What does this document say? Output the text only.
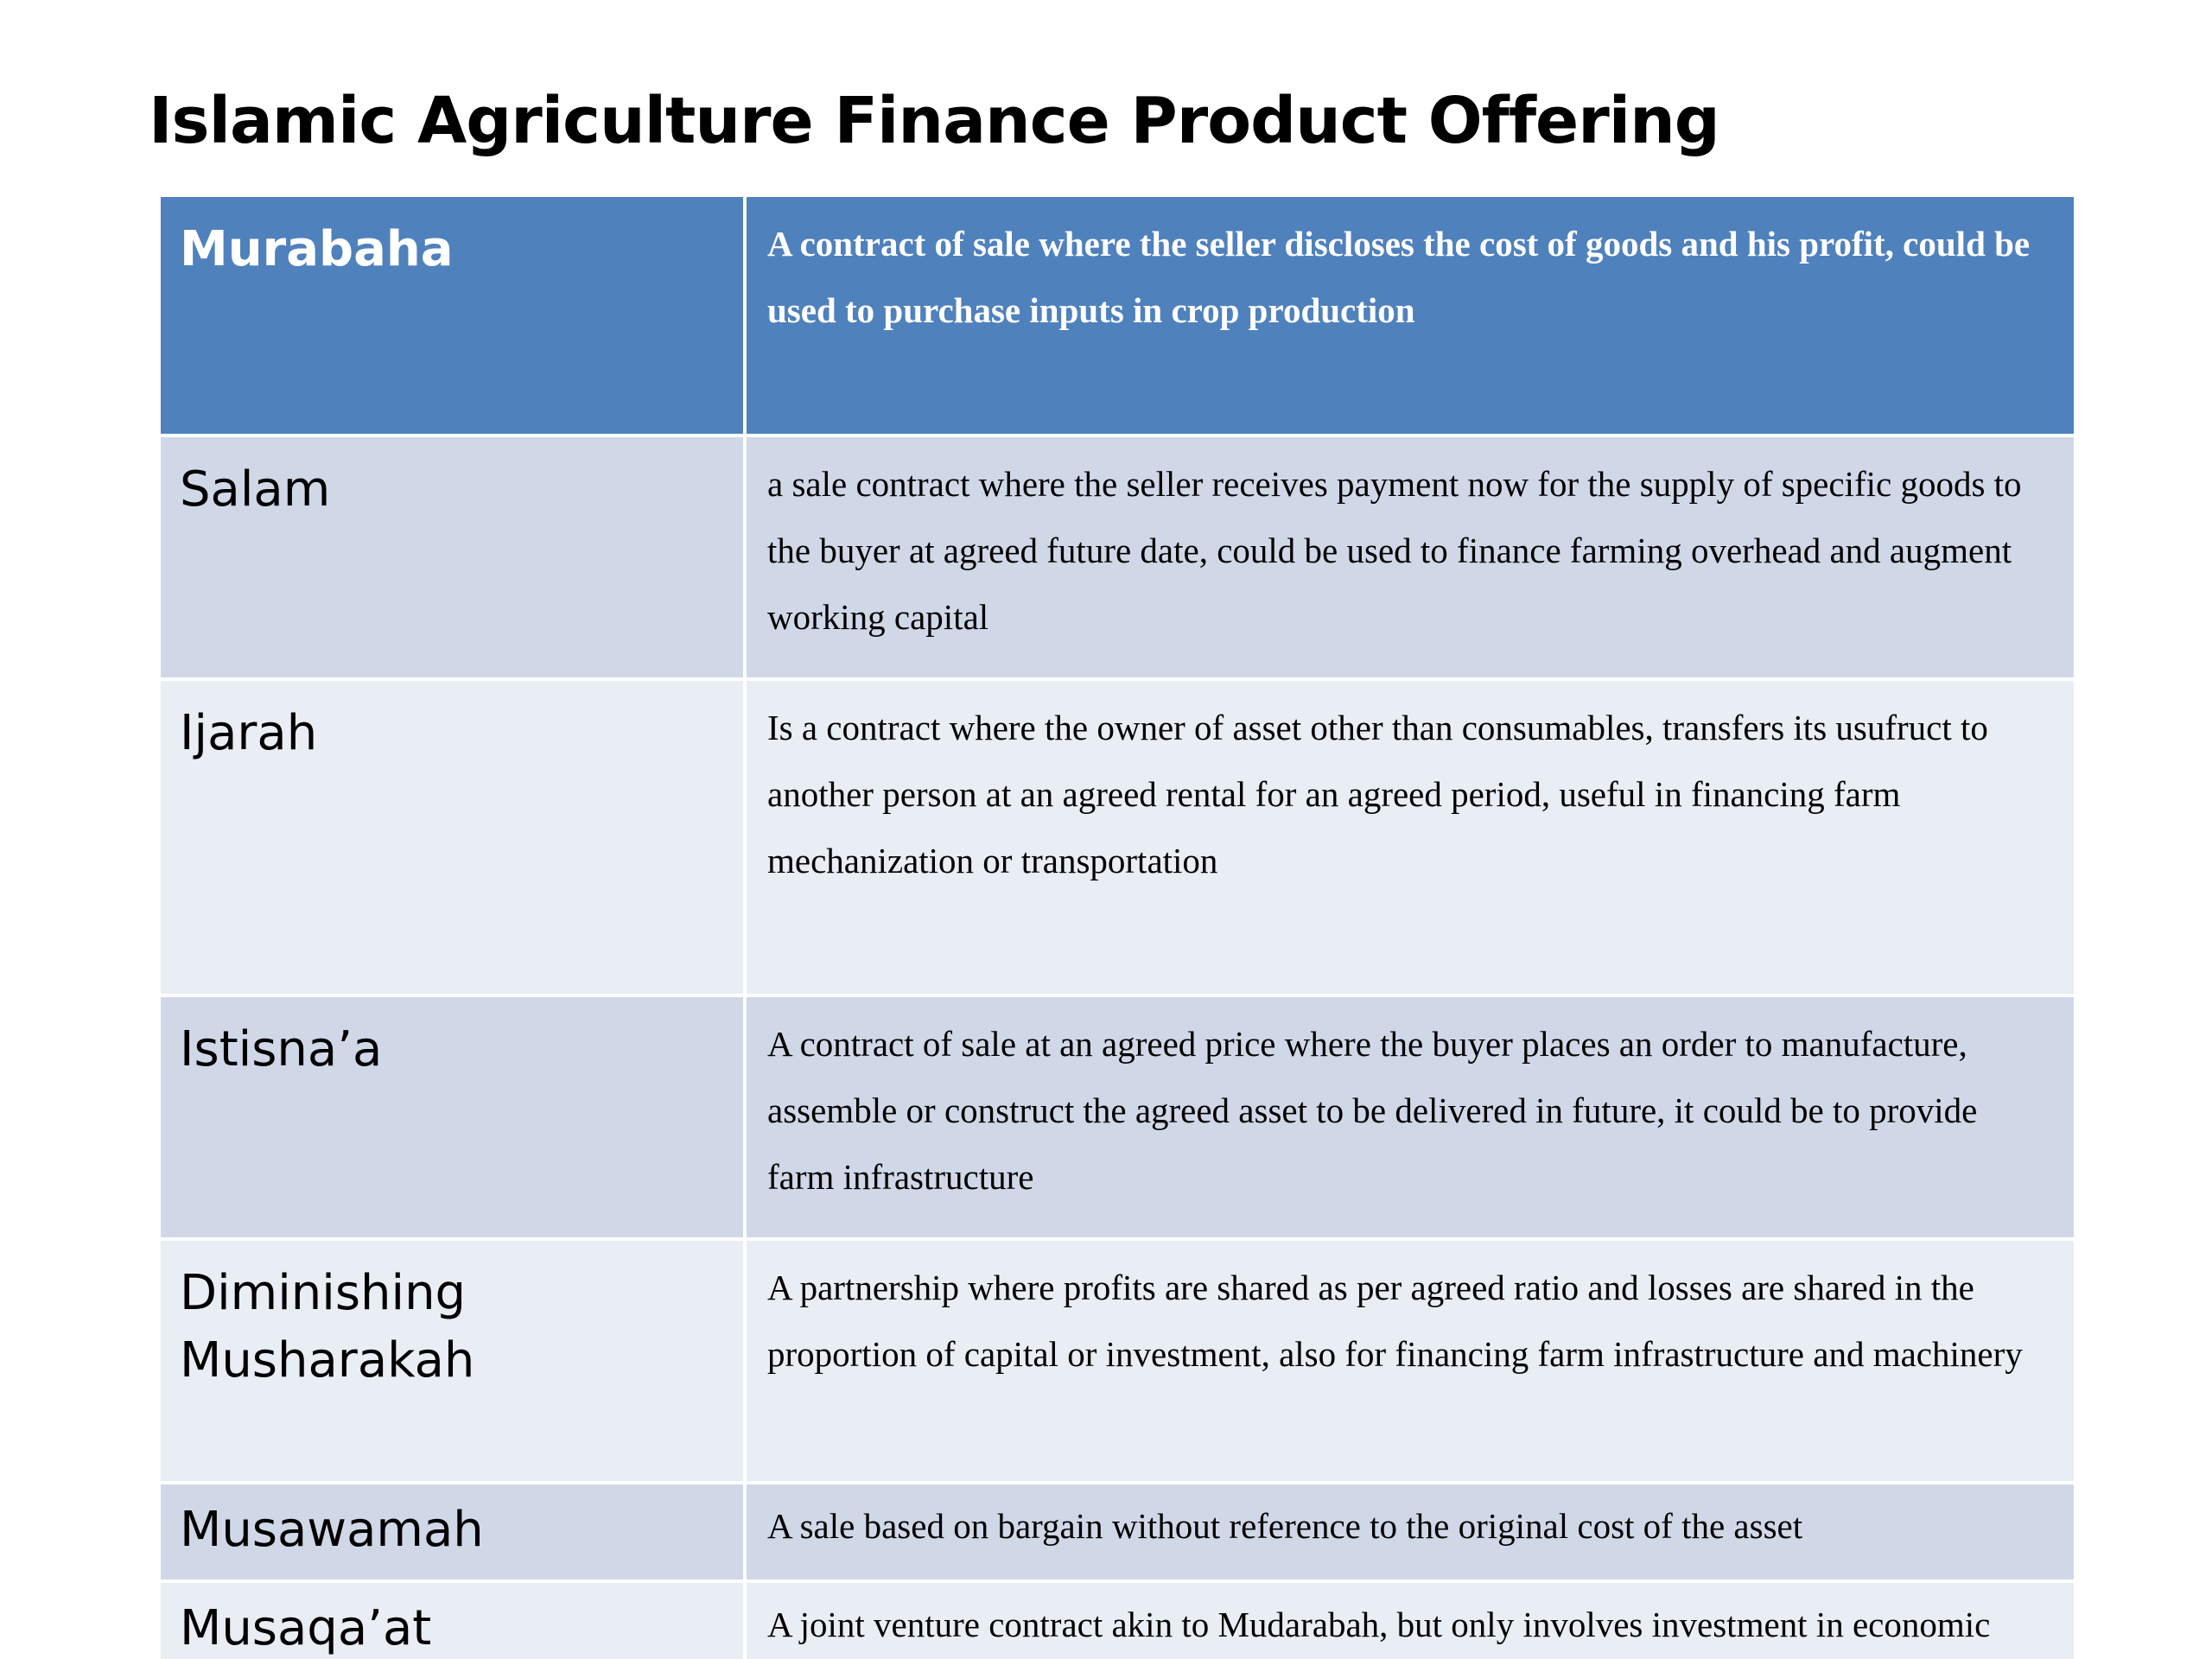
Islamic Agriculture Finance Product Offering
Murabaha	A contract of sale where the seller discloses the cost of goods and his profit, could be used to purchase inputs in crop production
Salam	a sale contract where the seller receives payment now for the supply of specific goods to the buyer at agreed future date, could be used to finance farming overhead and augment working capital
Ijarah	Is a contract where the owner of asset other than consumables, transfers its usufruct to another person at an agreed rental for an agreed period, useful in financing farm mechanization or transportation
Istisna’a	A contract of sale at an agreed price where the buyer places an order to manufacture, assemble or construct the agreed asset to be delivered in future, it could be to provide farm infrastructure
Diminishing Musharakah	A partnership where profits are shared as per agreed ratio and losses are shared in the proportion of capital or investment, also for financing farm infrastructure and machinery
Musawamah	A sale based on bargain without reference to the original cost of the asset
Musaqa’at	A joint venture contract akin to Mudarabah, but only involves investment in economic
